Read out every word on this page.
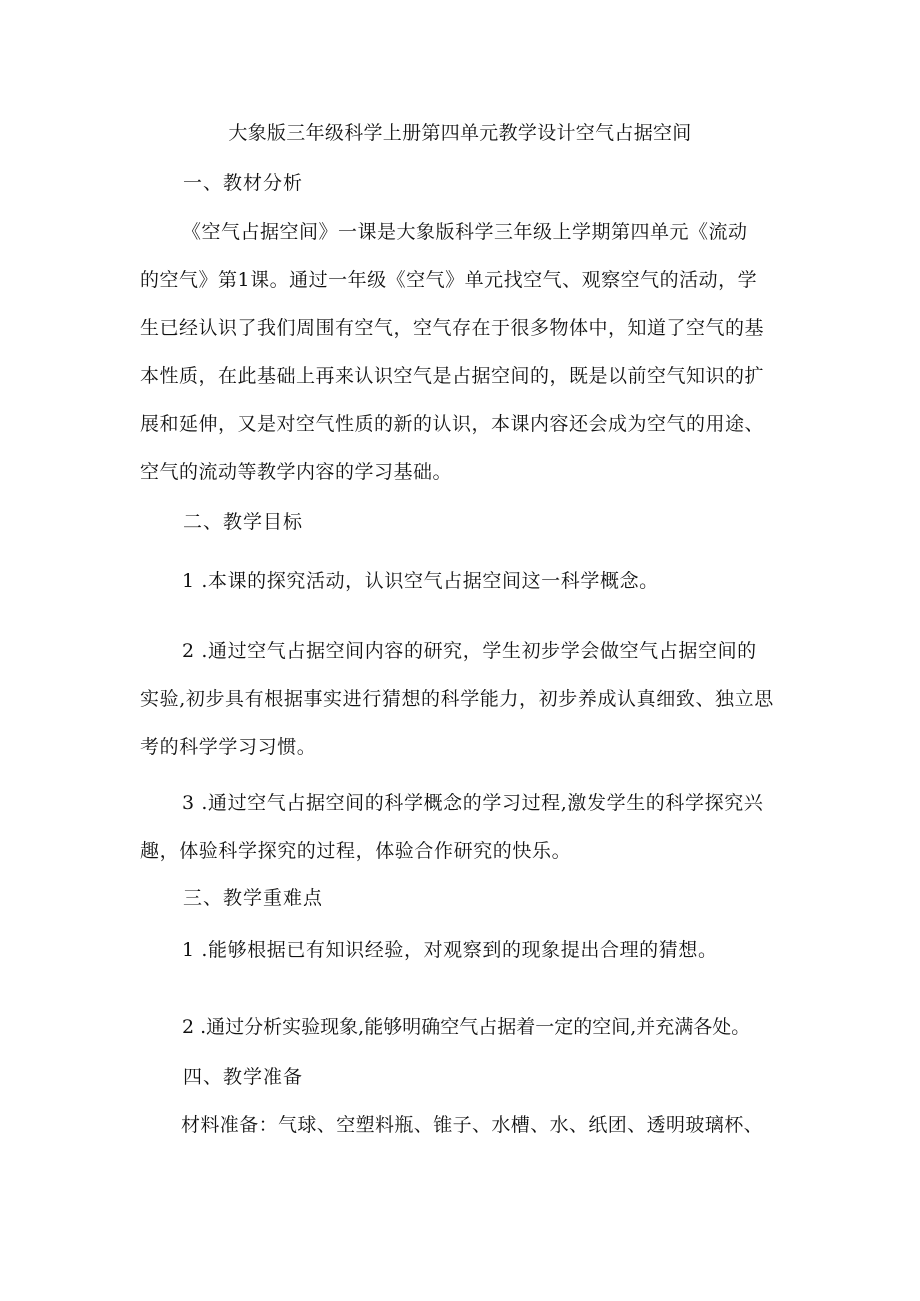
大象版三年级科学上册第四单元教学设计空气占据空间
一、教材分析
《空气占据空间》一课是大象版科学三年级上学期第四单元《流动
的空气》第1课。通过一年级《空气》单元找空气、观察空气的活动，学
生已经认识了我们周围有空气，空气存在于很多物体中，知道了空气的基
本性质，在此基础上再来认识空气是占据空间的，既是以前空气知识的扩
展和延伸，又是对空气性质的新的认识，本课内容还会成为空气的用途、
空气的流动等教学内容的学习基础。
二、教学目标
1 .本课的探究活动，认识空气占据空间这一科学概念。
2 .通过空气占据空间内容的研究，学生初步学会做空气占据空间的
实验,初步具有根据事实进行猜想的科学能力，初步养成认真细致、独立思
考的科学学习习惯。
3 .通过空气占据空间的科学概念的学习过程,激发学生的科学探究兴
趣，体验科学探究的过程，体验合作研究的快乐。
三、教学重难点
1 .能够根据已有知识经验，对观察到的现象提出合理的猜想。
2 .通过分析实验现象,能够明确空气占据着一定的空间,并充满各处。
四、教学准备
材料准备：气球、空塑料瓶、锥子、水槽、水、纸团、透明玻璃杯、
